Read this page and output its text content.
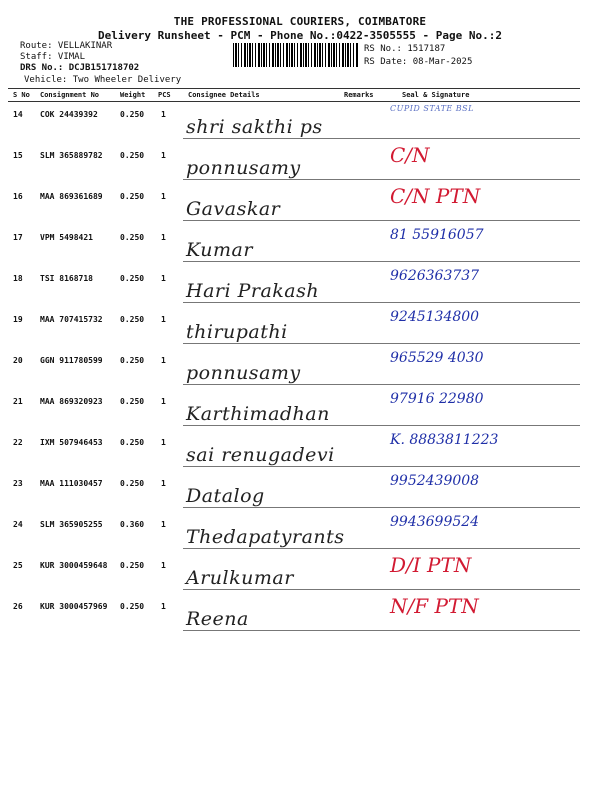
THE PROFESSIONAL COURIERS, COIMBATORE
Delivery Runsheet - PCM - Phone No.:0422-3505555 - Page No.:2
Route: VELLAKINAR
Staff: VIMAL
DRS No.: DCJB151718702
Vehicle: Two Wheeler Delivery
RS No.: 1517187
RS Date: 08-Mar-2025
S No Consignment No	Weight PCS Consignee Details	Remarks	Seal & Signature
14 COK 24439392	0.250 1
shri sakthi ps
CUPID STATE BSL
15 SLM 365889782 0.250 1
ponnusamy
C/N
16 MAA 869361689 0.250 1
Gavaskar
C/N PTN
17 VPM 5498421	0.250 1
Kumar
81 55916057
18 TSI 8168718	0.250 1
Hari Prakash
9626363737
19 MAA 707415732 0.250 1
thirupathi
9245134800
20 GGN 911780599 0.250 1
ponnusamy
965529 4030
21 MAA 869320923 0.250 1
Karthimadhan
97916 22980
22 IXM 507946453 0.250 1
sai renugadevi
K. 8883811223
23 MAA 111030457 0.250 1
Datalog
9952439008
24 SLM 365905255 0.360 1
Thedapatyrants
9943699524
25 KUR 3000459648 0.250 1
Arulkumar
D/I PTN
26 KUR 3000457969 0.250 1
Reena
N/F PTN
